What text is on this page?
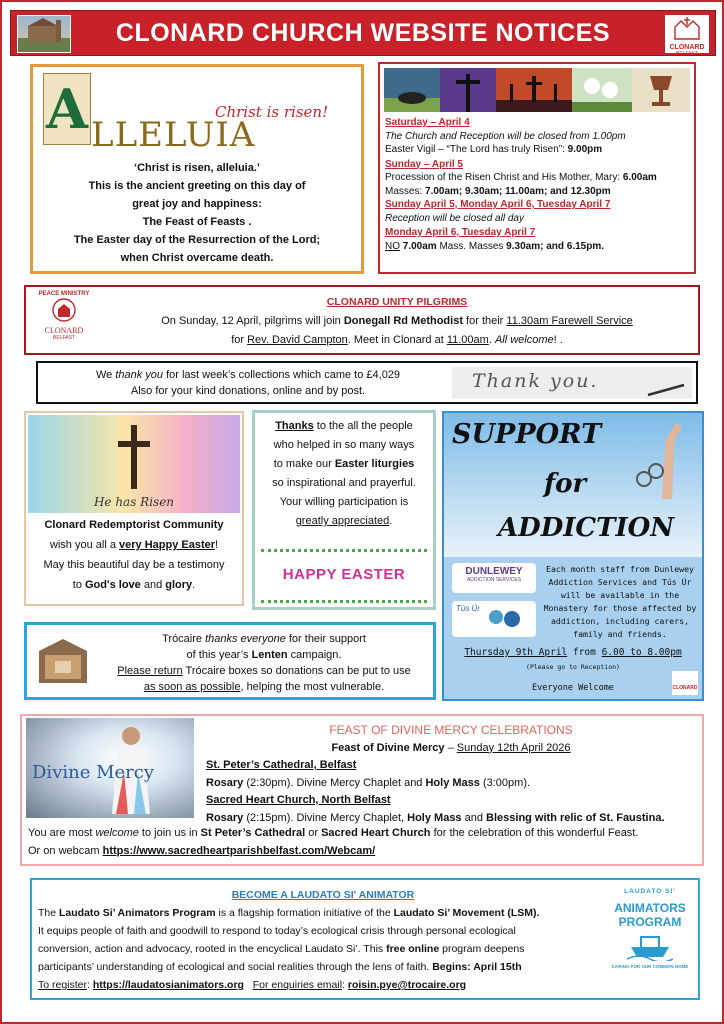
CLONARD CHURCH WEBSITE NOTICES
CLONARD
BELFAST
A	Christ is risen!
LLELUIA
‘Christ is risen, alleluia.’
This is the ancient greeting on this day of
great joy and happiness:
The Feast of Feasts .
The Easter day of the Resurrection of the Lord;
when Christ overcame death.
Saturday – April 4
The Church and Reception will be closed from 1.00pm
Easter Vigil – “The Lord has truly Risen”: 9.00pm
Sunday – April 5
Procession of the Risen Christ and His Mother, Mary: 6.00am
Masses: 7.00am; 9.30am; 11.00am; and 12.30pm
Sunday April 5, Monday April 6, Tuesday April 7
Reception will be closed all day
Monday April 6, Tuesday April 7
NO 7.00am Mass. Masses 9.30am; and 6.15pm.
PEACE MINISTRY
CLONARD
BELFAST
CLONARD UNITY PILGRIMS
On Sunday, 12 April, pilgrims will join Donegall Rd Methodist for their 11.30am Farewell Service
for Rev. David Campton. Meet in Clonard at 11.00am. All welcome! .
We thank you for last week’s collections which came to £4,029
Also for your kind donations, online and by post.	Thank you.
He has Risen
Clonard Redemptorist Community
wish you all a very Happy Easter!
May this beautiful day be a testimony
to God's love and glory.
Thanks to the all the people
who helped in so many ways
to make our Easter liturgies
so inspirational and prayerful.
Your willing participation is
greatly appreciated.
HAPPY EASTER
SUPPORT
for
ADDICTION
DUNLEWEY
ADDICTION SERVICES
Tús Úr
Each month staff from Dunlewey Addiction Services and Tús Úr will be available in the Monastery for those affected by addiction, including carers, family and friends.
Thursday 9th April from 6.00 to 8.00pm
(Please go to Reception)
Everyone Welcome	CLONARD
Trócaire	Trócaire thanks everyone for their support
of this year’s Lenten campaign.
Please return Trócaire boxes so donations can be put to use
as soon as possible, helping the most vulnerable.
Divine Mercy
FEAST OF DIVINE MERCY CELEBRATIONS
Feast of Divine Mercy – Sunday 12th April 2026
St. Peter’s Cathedral, Belfast
Rosary (2:30pm). Divine Mercy Chaplet and Holy Mass (3:00pm).
Sacred Heart Church, North Belfast
Rosary (2:15pm). Divine Mercy Chaplet, Holy Mass and Blessing with relic of St. Faustina.
You are most welcome to join us in St Peter’s Cathedral or Sacred Heart Church for the celebration of this wonderful Feast.
Or on webcam https://www.sacredheartparishbelfast.com/Webcam/
BECOME A LAUDATO SI' ANIMATOR
The Laudato Si’ Animators Program is a flagship formation initiative of the Laudato Si’ Movement (LSM).
It equips people of faith and goodwill to respond to today’s ecological crisis through personal ecological
conversion, action and advocacy, rooted in the encyclical Laudato Si’. This free online program deepens
participants’ understanding of ecological and social realities through the lens of faith. Begins: April 15th
To register: https://laudatosianimators.org For enquiries email: roisin.pye@trocaire.org
LAUDATO SI'
ANIMATORS
PROGRAM
CARING FOR OUR COMMON HOME
